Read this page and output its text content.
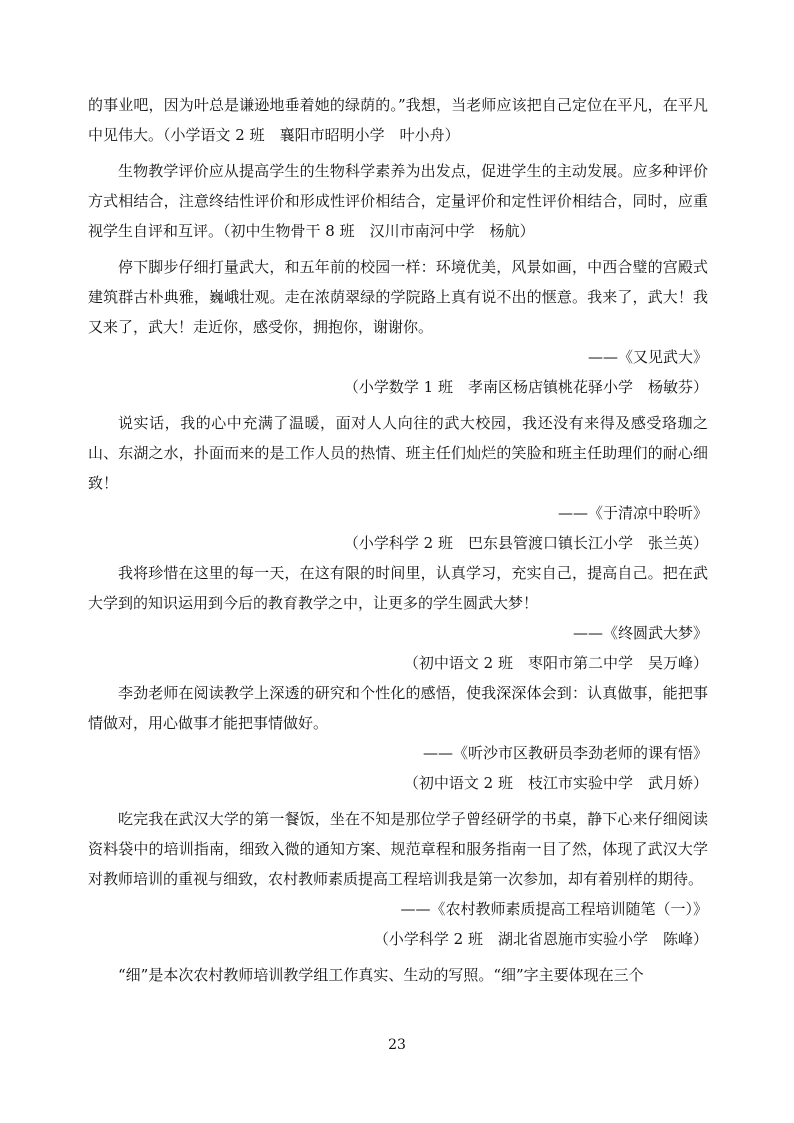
的事业吧，因为叶总是谦逊地垂着她的绿荫的。”我想，当老师应该把自己定位在平凡，在平凡中见伟大。（小学语文 2 班　襄阳市昭明小学　叶小舟）

生物教学评价应从提高学生的生物科学素养为出发点，促进学生的主动发展。应多种评价方式相结合，注意终结性评价和形成性评价相结合，定量评价和定性评价相结合，同时，应重视学生自评和互评。（初中生物骨干 8 班　汉川市南河中学　杨航）

停下脚步仔细打量武大，和五年前的校园一样：环境优美，风景如画，中西合璧的宫殿式建筑群古朴典雅，巍峨壮观。走在浓荫翠绿的学院路上真有说不出的惬意。我来了，武大！我又来了，武大！走近你，感受你，拥抱你，谢谢你。

——《又见武大》

（小学数学 1 班　孝南区杨店镇桃花驿小学　杨敏芬）

说实话，我的心中充满了温暖，面对人人向往的武大校园，我还没有来得及感受珞珈之山、东湖之水，扑面而来的是工作人员的热情、班主任们灿烂的笑脸和班主任助理们的耐心细致！

——《于清凉中聆听》

（小学科学 2 班　巴东县管渡口镇长江小学　张兰英）

我将珍惜在这里的每一天，在这有限的时间里，认真学习，充实自己，提高自己。把在武大学到的知识运用到今后的教育教学之中，让更多的学生圆武大梦！

——《终圆武大梦》

（初中语文 2 班　枣阳市第二中学　吴万峰）

李劲老师在阅读教学上深透的研究和个性化的感悟，使我深深体会到：认真做事，能把事情做对，用心做事才能把事情做好。

——《听沙市区教研员李劲老师的课有悟》

（初中语文 2 班　枝江市实验中学　武月娇）

吃完我在武汉大学的第一餐饭，坐在不知是那位学子曾经研学的书桌，静下心来仔细阅读资料袋中的培训指南，细致入微的通知方案、规范章程和服务指南一目了然，体现了武汉大学对教师培训的重视与细致，农村教师素质提高工程培训我是第一次参加，却有着别样的期待。

——《农村教师素质提高工程培训随笔（一）》

（小学科学 2 班　湖北省恩施市实验小学　陈峰）

“细”是本次农村教师培训教学组工作真实、生动的写照。“细”字主要体现在三个

23
